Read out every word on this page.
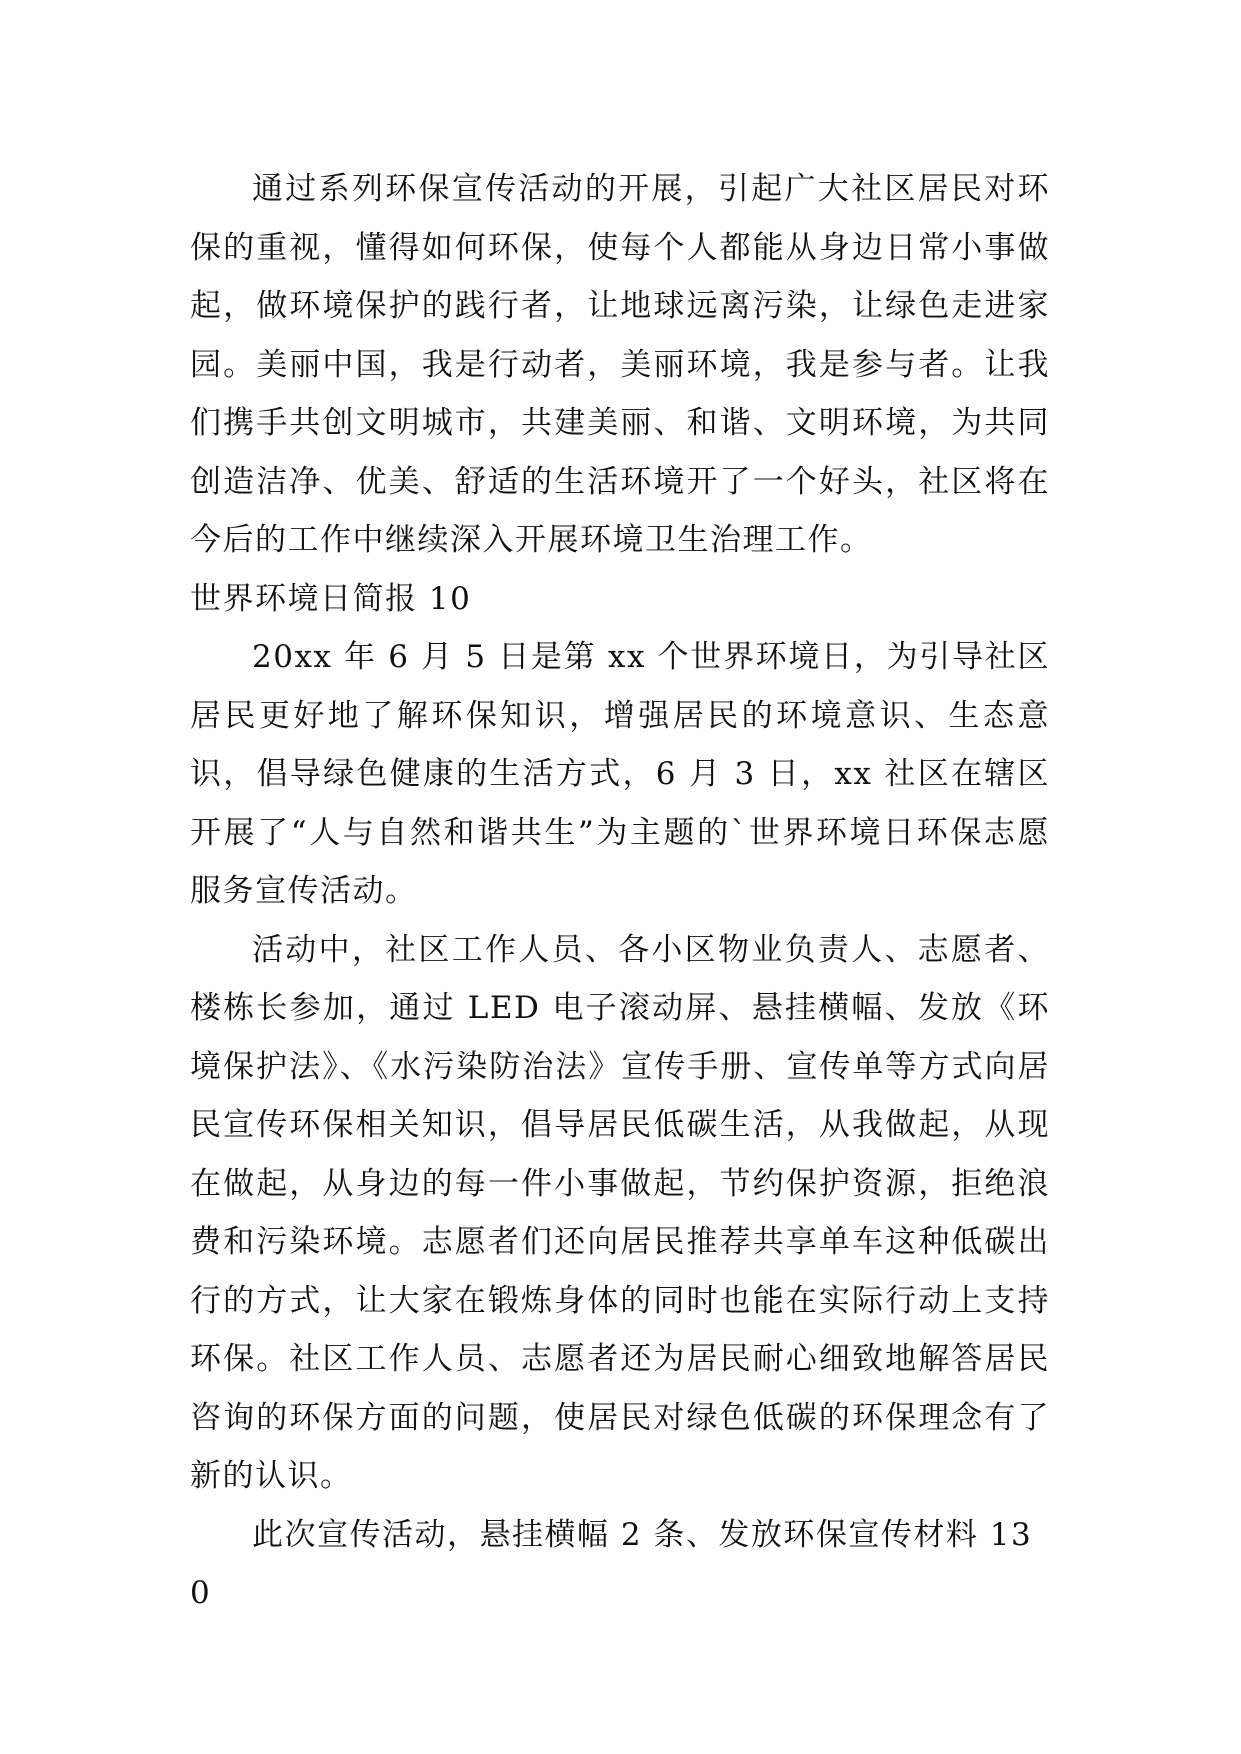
通过系列环保宣传活动的开展，引起广大社区居民对环保的重视，懂得如何环保，使每个人都能从身边日常小事做起，做环境保护的践行者，让地球远离污染，让绿色走进家园。美丽中国，我是行动者，美丽环境，我是参与者。让我们携手共创文明城市，共建美丽、和谐、文明环境，为共同创造洁净、优美、舒适的生活环境开了一个好头，社区将在今后的工作中继续深入开展环境卫生治理工作。

世界环境日简报 10

20xx 年 6 月 5 日是第 xx 个世界环境日，为引导社区居民更好地了解环保知识，增强居民的环境意识、生态意识，倡导绿色健康的生活方式，6 月 3 日，xx 社区在辖区开展了“人与自然和谐共生”为主题的`世界环境日环保志愿服务宣传活动。

活动中，社区工作人员、各小区物业负责人、志愿者、楼栋长参加，通过 LED 电子滚动屏、悬挂横幅、发放《环境保护法》、《水污染防治法》宣传手册、宣传单等方式向居民宣传环保相关知识，倡导居民低碳生活，从我做起，从现在做起，从身边的每一件小事做起，节约保护资源，拒绝浪费和污染环境。志愿者们还向居民推荐共享单车这种低碳出行的方式，让大家在锻炼身体的同时也能在实际行动上支持环保。社区工作人员、志愿者还为居民耐心细致地解答居民咨询的环保方面的问题，使居民对绿色低碳的环保理念有了新的认识。

此次宣传活动，悬挂横幅 2 条、发放环保宣传材料 130
